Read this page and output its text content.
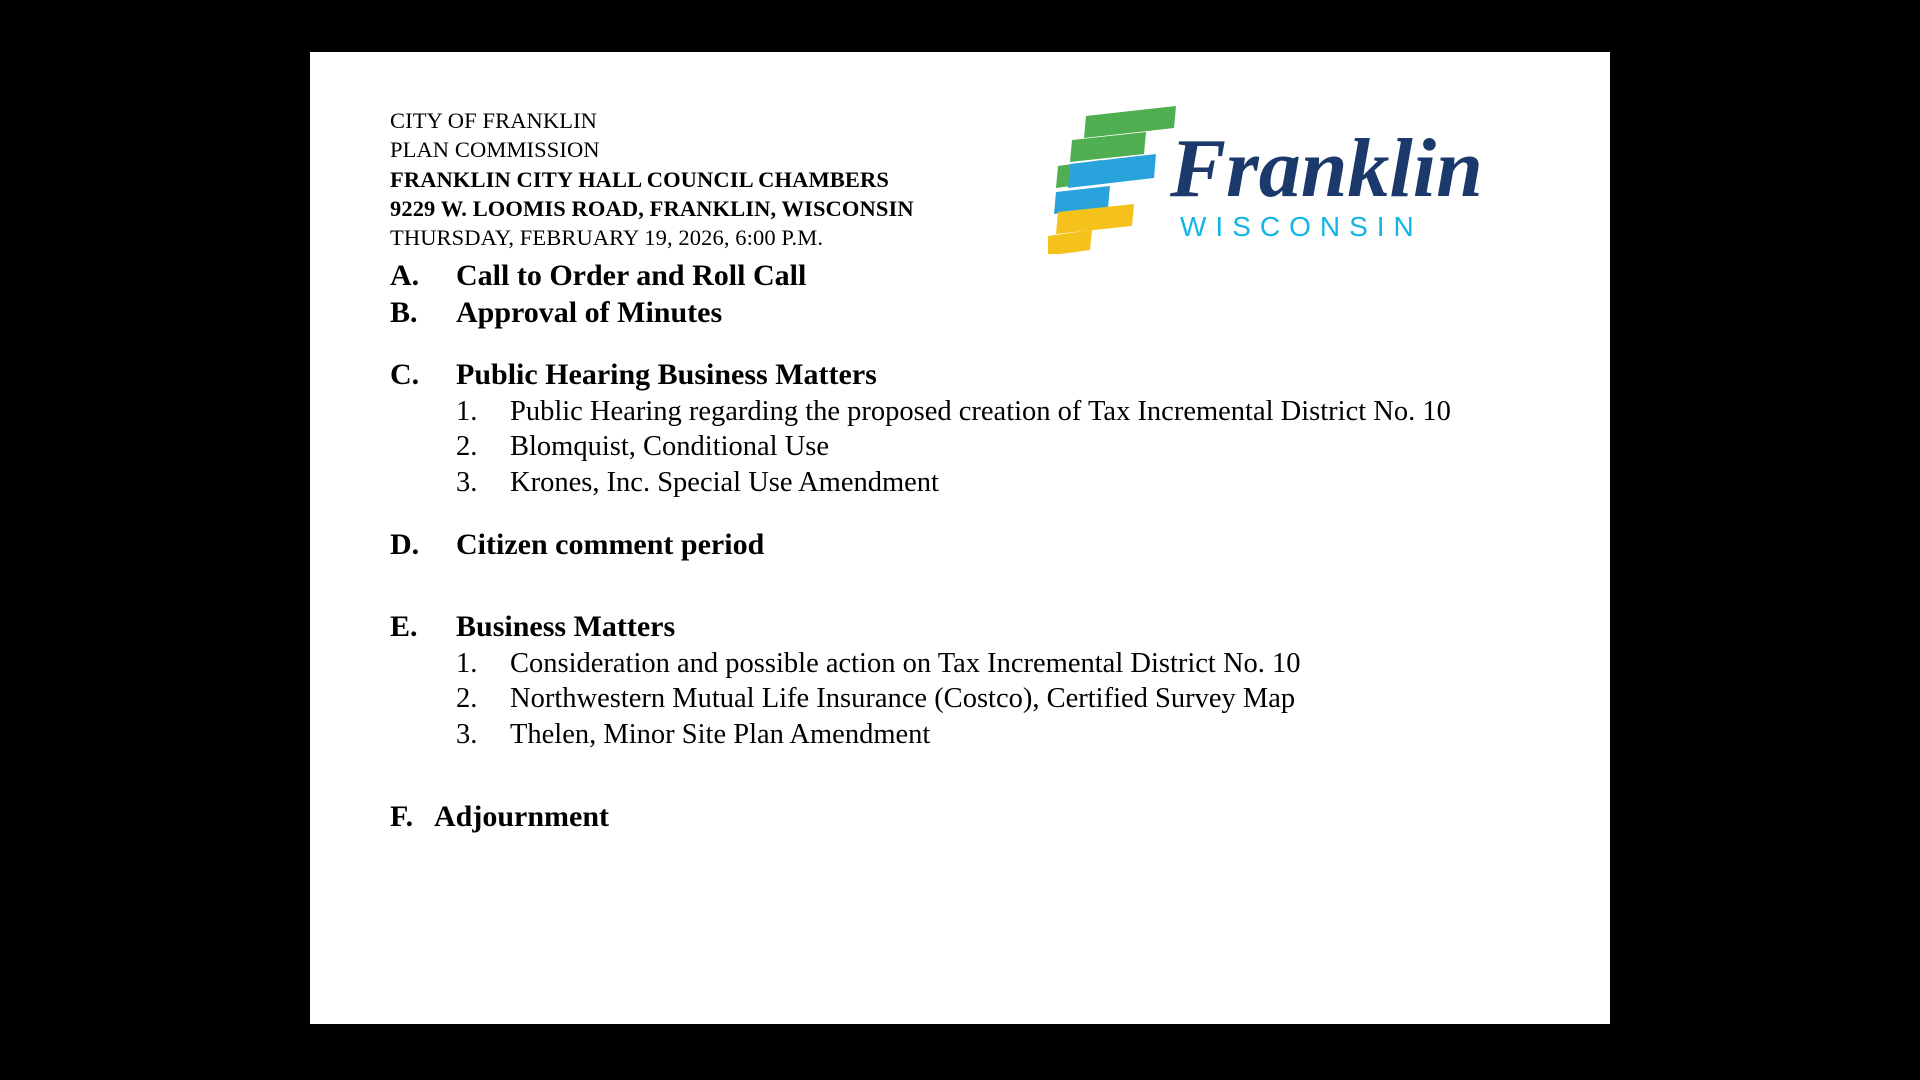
CITY OF FRANKLIN
PLAN COMMISSION
FRANKLIN CITY HALL COUNCIL CHAMBERS
9229 W. LOOMIS ROAD, FRANKLIN, WISCONSIN
THURSDAY, FEBRUARY 19, 2026, 6:00 P.M.
Franklin
WISCONSIN
A.	Call to Order and Roll Call
B.	Approval of Minutes
C.	Public Hearing Business Matters
1.	Public Hearing regarding the proposed creation of Tax Incremental District No. 10
2.	Blomquist, Conditional Use
3.	Krones, Inc. Special Use Amendment
D.	Citizen comment period
E.	Business Matters
1.	Consideration and possible action on Tax Incremental District No. 10
2.	Northwestern Mutual Life Insurance (Costco), Certified Survey Map
3.	Thelen, Minor Site Plan Amendment
F. Adjournment
